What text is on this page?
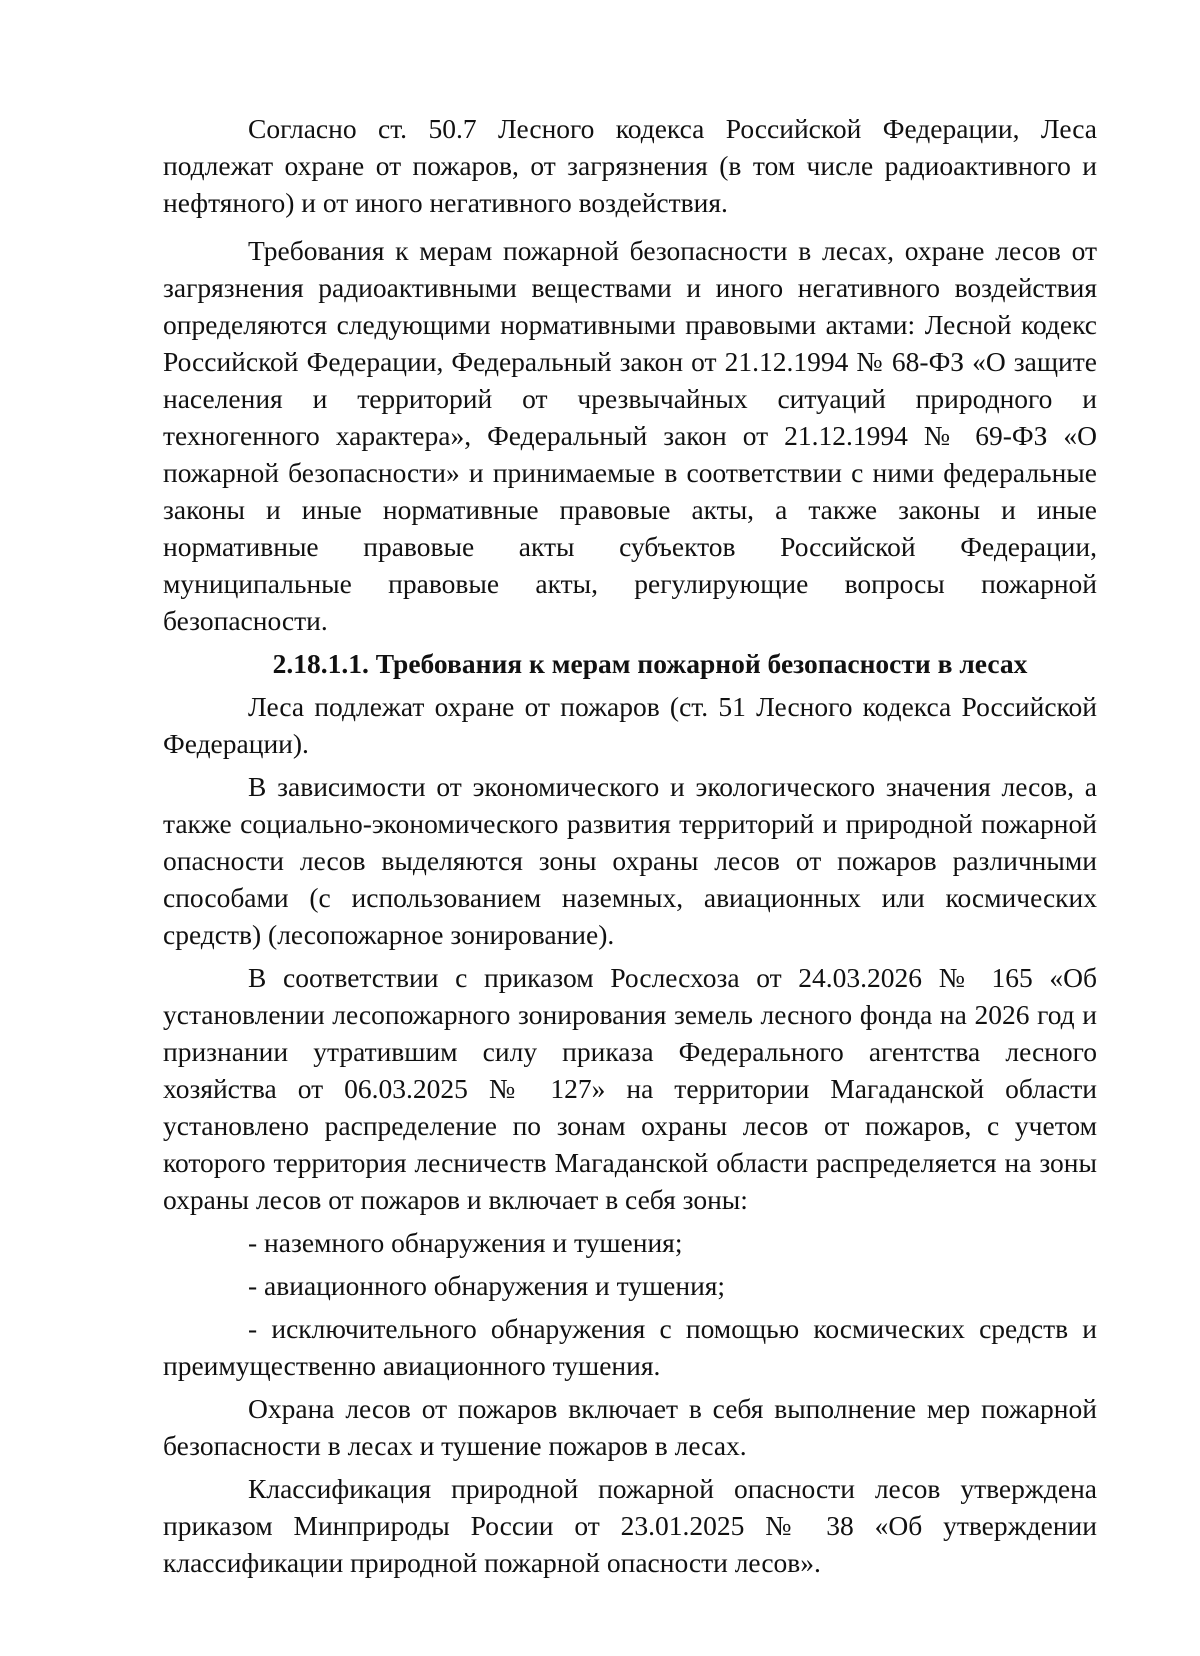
Согласно ст. 50.7 Лесного кодекса Российской Федерации, Леса подлежат охране от пожаров, от загрязнения (в том числе радиоактивного и нефтяного) и от иного негативного воздействия.

Требования к мерам пожарной безопасности в лесах, охране лесов от загрязнения радиоактивными веществами и иного негативного воздействия определяются следующими нормативными правовыми актами: Лесной кодекс Российской Федерации, Федеральный закон от 21.12.1994 № 68-ФЗ «О защите населения и территорий от чрезвычайных ситуаций природного и техногенного характера», Федеральный закон от 21.12.1994 № 69-ФЗ «О пожарной безопасности» и принимаемые в соответствии с ними федеральные законы и иные нормативные правовые акты, а также законы и иные нормативные правовые акты субъектов Российской Федерации, муниципальные правовые акты, регулирующие вопросы пожарной безопасности.

2.18.1.1. Требования к мерам пожарной безопасности в лесах

Леса подлежат охране от пожаров (ст. 51 Лесного кодекса Российской Федерации).

В зависимости от экономического и экологического значения лесов, а также социально-экономического развития территорий и природной пожарной опасности лесов выделяются зоны охраны лесов от пожаров различными способами (с использованием наземных, авиационных или космических средств) (лесопожарное зонирование).

В соответствии с приказом Рослесхоза от 24.03.2026 № 165 «Об установлении лесопожарного зонирования земель лесного фонда на 2026 год и признании утратившим силу приказа Федерального агентства лесного хозяйства от 06.03.2025 № 127» на территории Магаданской области установлено распределение по зонам охраны лесов от пожаров, с учетом которого территория лесничеств Магаданской области распределяется на зоны охраны лесов от пожаров и включает в себя зоны:

- наземного обнаружения и тушения;

- авиационного обнаружения и тушения;

- исключительного обнаружения с помощью космических средств и преимущественно авиационного тушения.

Охрана лесов от пожаров включает в себя выполнение мер пожарной безопасности в лесах и тушение пожаров в лесах.

Классификация природной пожарной опасности лесов утверждена приказом Минприроды России от 23.01.2025 № 38 «Об утверждении классификации природной пожарной опасности лесов».
